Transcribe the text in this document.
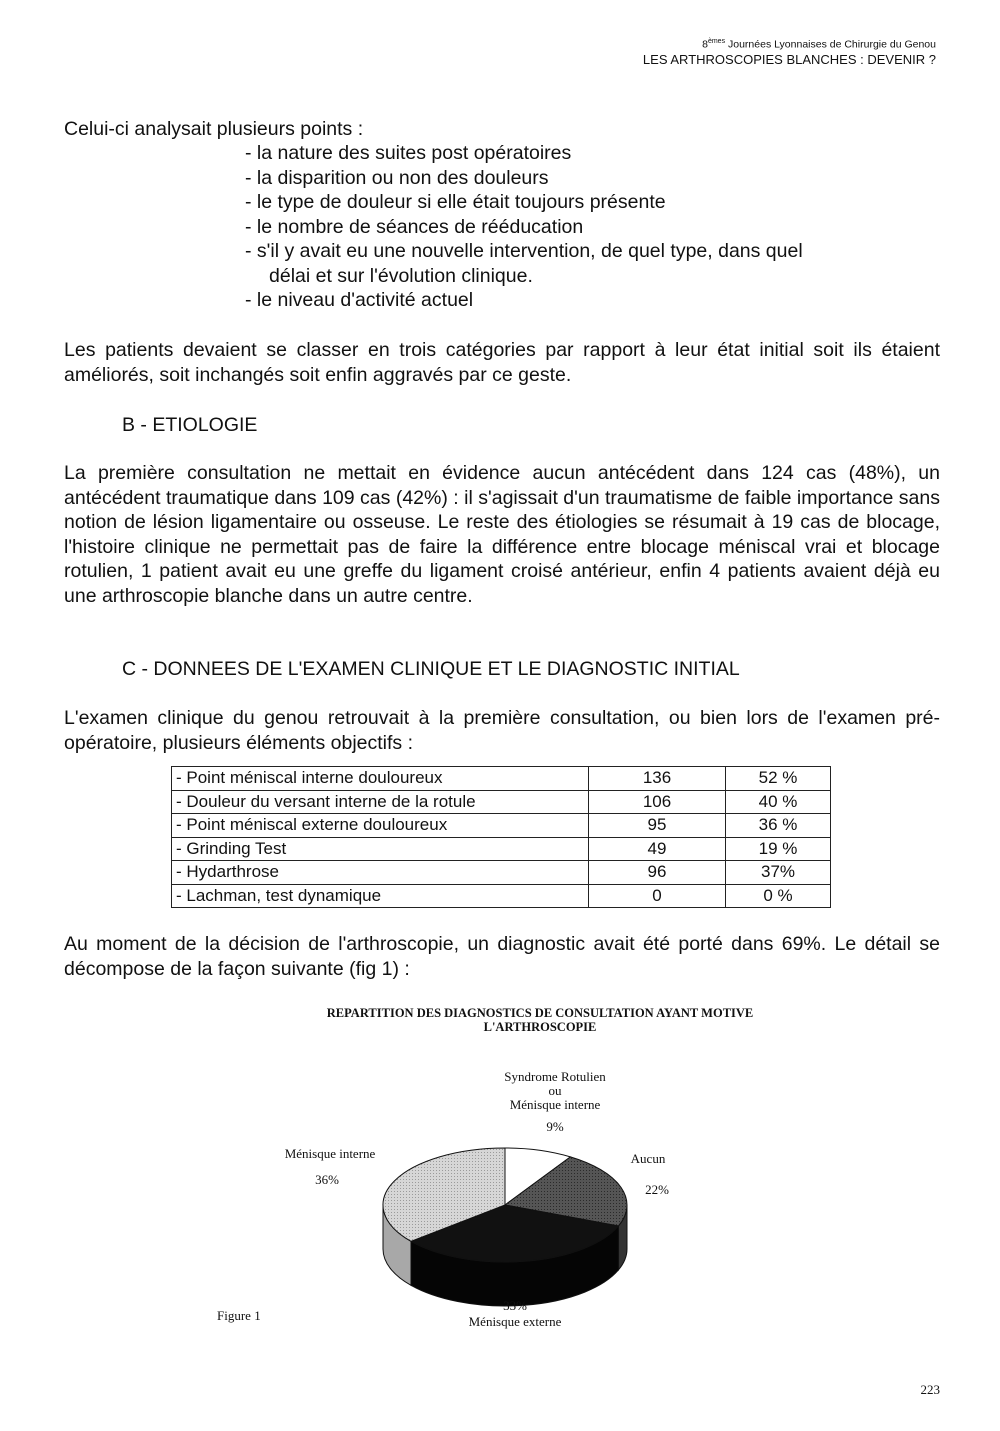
8èmes Journées Lyonnaises de Chirurgie du Genou
LES ARTHROSCOPIES BLANCHES : DEVENIR ?
Celui-ci analysait plusieurs points :
- la nature des suites post opératoires
- la disparition ou non des douleurs
- le type de douleur si elle était toujours présente
- le nombre de séances de rééducation
- s'il y avait eu une nouvelle intervention, de quel type, dans quel
délai et sur l'évolution clinique.
- le niveau d'activité actuel
Les patients devaient se classer en trois catégories par rapport à leur état initial soit ils étaient améliorés, soit inchangés soit enfin aggravés par ce geste.
B - ETIOLOGIE
La première consultation ne mettait en évidence aucun antécédent dans 124 cas (48%), un antécédent traumatique dans 109 cas (42%) : il s'agissait d'un traumatisme de faible importance sans notion de lésion ligamentaire ou osseuse. Le reste des étiologies se résumait à 19 cas de blocage, l'histoire clinique ne permettait pas de faire la différence entre blocage méniscal vrai et blocage rotulien, 1 patient avait eu une greffe du ligament croisé antérieur, enfin 4 patients avaient déjà eu une arthroscopie blanche dans un autre centre.
C - DONNEES DE L'EXAMEN CLINIQUE ET LE DIAGNOSTIC INITIAL
L'examen clinique du genou retrouvait à la première consultation, ou bien lors de l'examen pré-opératoire, plusieurs éléments objectifs :
- Point méniscal interne douloureux	136	52 %
- Douleur du versant interne de la rotule	106	40 %
- Point méniscal externe douloureux	95	36 %
- Grinding Test	49	19 %
- Hydarthrose	96	37%
- Lachman, test dynamique	0	0 %
Au moment de la décision de l'arthroscopie, un diagnostic avait été porté dans 69%. Le détail se décompose de la façon suivante (fig 1) :
REPARTITION DES DIAGNOSTICS DE CONSULTATION AYANT MOTIVE
L'ARTHROSCOPIE
Syndrome Rotulien
ou
Ménisque interne
9%
Aucun
22%
Ménisque interne
36%
33%
Ménisque externe
Figure 1
223
